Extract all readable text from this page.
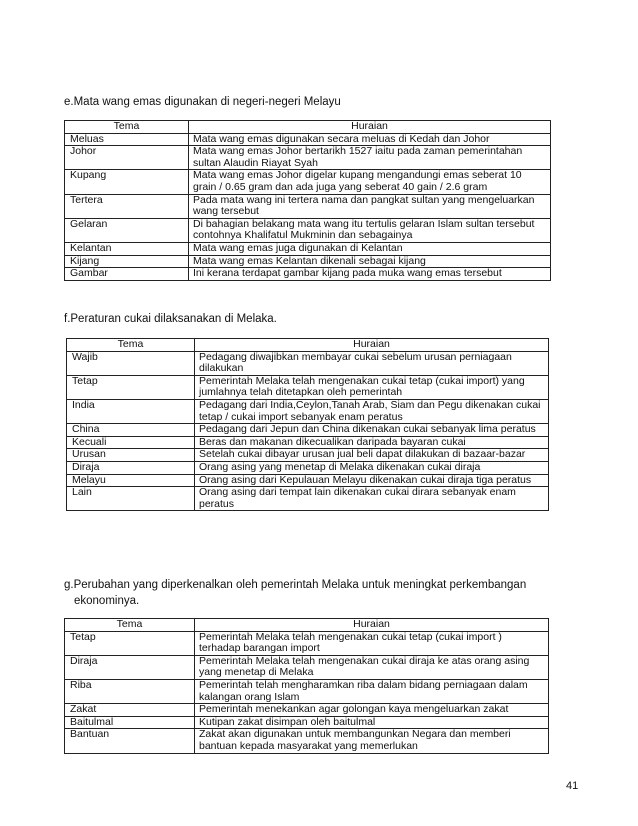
e.Mata wang emas digunakan di negeri-negeri Melayu

Tema	Huraian
Meluas	Mata wang emas digunakan secara meluas di Kedah dan Johor
Johor	Mata wang emas Johor bertarikh 1527 iaitu pada zaman pemerintahan sultan Alaudin Riayat Syah
Kupang	Mata wang emas Johor digelar kupang mengandungi emas seberat 10 grain / 0.65 gram dan ada juga yang seberat 40 gain / 2.6 gram
Tertera	Pada mata wang ini tertera nama dan pangkat sultan yang mengeluarkan wang tersebut
Gelaran	Di bahagian belakang mata wang itu tertulis gelaran Islam sultan tersebut contohnya Khalifatul Mukminin dan sebagainya
Kelantan	Mata wang emas juga digunakan di Kelantan
Kijang	Mata wang emas Kelantan dikenali sebagai kijang
Gambar	Ini kerana terdapat gambar kijang pada muka wang emas tersebut

f.Peraturan cukai dilaksanakan di Melaka.

Tema	Huraian
Wajib	Pedagang diwajibkan membayar cukai sebelum urusan perniagaan dilakukan
Tetap	Pemerintah Melaka telah mengenakan cukai tetap (cukai import) yang jumlahnya telah ditetapkan oleh pemerintah
India	Pedagang dari India,Ceylon,Tanah Arab, Siam dan Pegu dikenakan cukai tetap / cukai import sebanyak enam peratus
China	Pedagang dari Jepun dan China dikenakan cukai sebanyak lima peratus
Kecuali	Beras dan makanan dikecualikan daripada bayaran cukai
Urusan	Setelah cukai dibayar urusan jual beli dapat dilakukan di bazaar-bazar
Diraja	Orang asing yang menetap di Melaka dikenakan cukai diraja
Melayu	Orang asing dari Kepulauan Melayu dikenakan cukai diraja tiga peratus
Lain	Orang asing dari tempat lain dikenakan cukai dirara sebanyak enam peratus

g.Perubahan yang diperkenalkan oleh pemerintah Melaka untuk meningkat perkembangan

ekonominya.

Tema	Huraian
Tetap	Pemerintah Melaka telah mengenakan cukai tetap (cukai import ) terhadap barangan import
Diraja	Pemerintah Melaka telah mengenakan cukai diraja ke atas orang asing yang menetap di Melaka
Riba	Pemerintah telah mengharamkan riba dalam bidang perniagaan dalam kalangan orang Islam
Zakat	Pemerintah menekankan agar golongan kaya mengeluarkan zakat
Baitulmal	Kutipan zakat disimpan oleh baitulmal
Bantuan	Zakat akan digunakan untuk membangunkan Negara dan memberi bantuan kepada masyarakat yang memerlukan
41
